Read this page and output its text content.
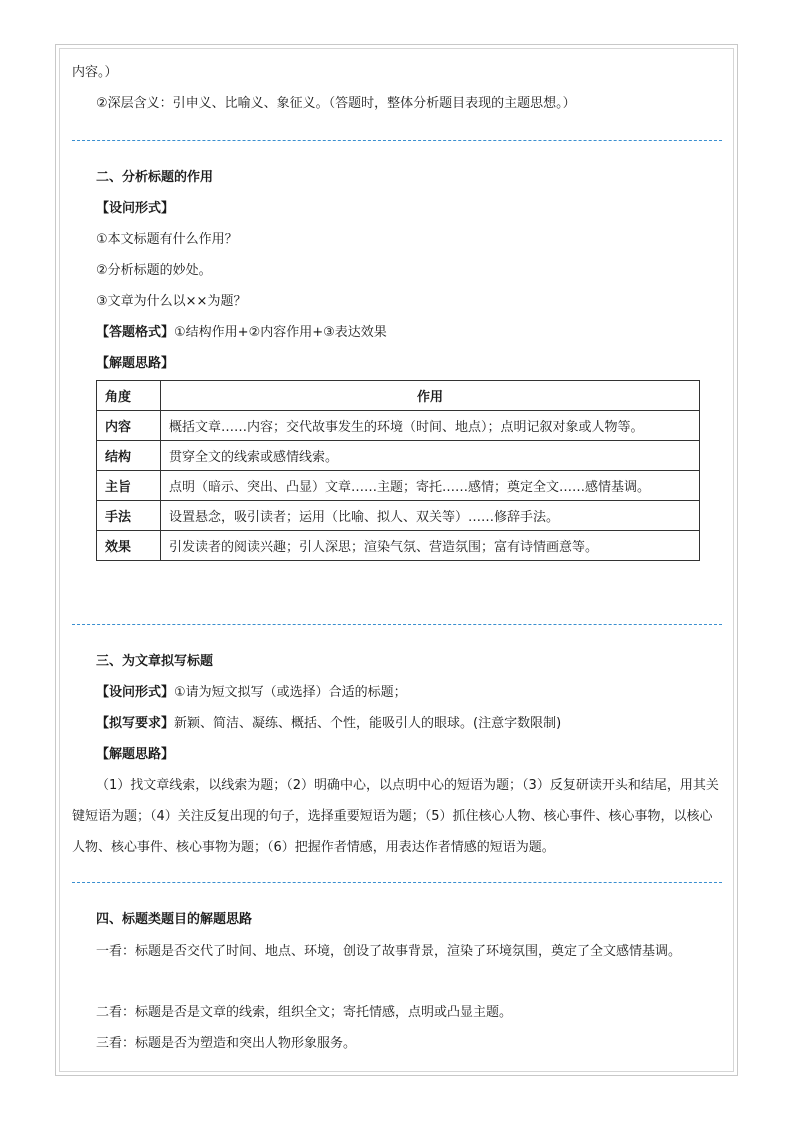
内容。）
②深层含义：引申义、比喻义、象征义。（答题时，整体分析题目表现的主题思想。）
二、分析标题的作用
【设问形式】
①本文标题有什么作用？
②分析标题的妙处。
③文章为什么以××为题？
【答题格式】①结构作用+②内容作用+③表达效果
【解题思路】
角度	作用
内容	概括文章……内容；交代故事发生的环境（时间、地点）；点明记叙对象或人物等。
结构	贯穿全文的线索或感情线索。
主旨	点明（暗示、突出、凸显）文章……主题；寄托……感情；奠定全文……感情基调。
手法	设置悬念，吸引读者；运用（比喻、拟人、双关等）……修辞手法。
效果	引发读者的阅读兴趣；引人深思；渲染气氛、营造氛围；富有诗情画意等。
三、为文章拟写标题
【设问形式】①请为短文拟写（或选择）合适的标题；
【拟写要求】新颖、简洁、凝练、概括、个性，能吸引人的眼球。(注意字数限制)
【解题思路】
（1）找文章线索，以线索为题；（2）明确中心，以点明中心的短语为题；（3）反复研读开头和结尾，用其关键短语为题；（4）关注反复出现的句子，选择重要短语为题；（5）抓住核心人物、核心事件、核心事物，以核心人物、核心事件、核心事物为题；（6）把握作者情感，用表达作者情感的短语为题。
四、标题类题目的解题思路
一看：标题是否交代了时间、地点、环境，创设了故事背景，渲染了环境氛围，奠定了全文感情基调。
二看：标题是否是文章的线索，组织全文；寄托情感，点明或凸显主题。
三看：标题是否为塑造和突出人物形象服务。
